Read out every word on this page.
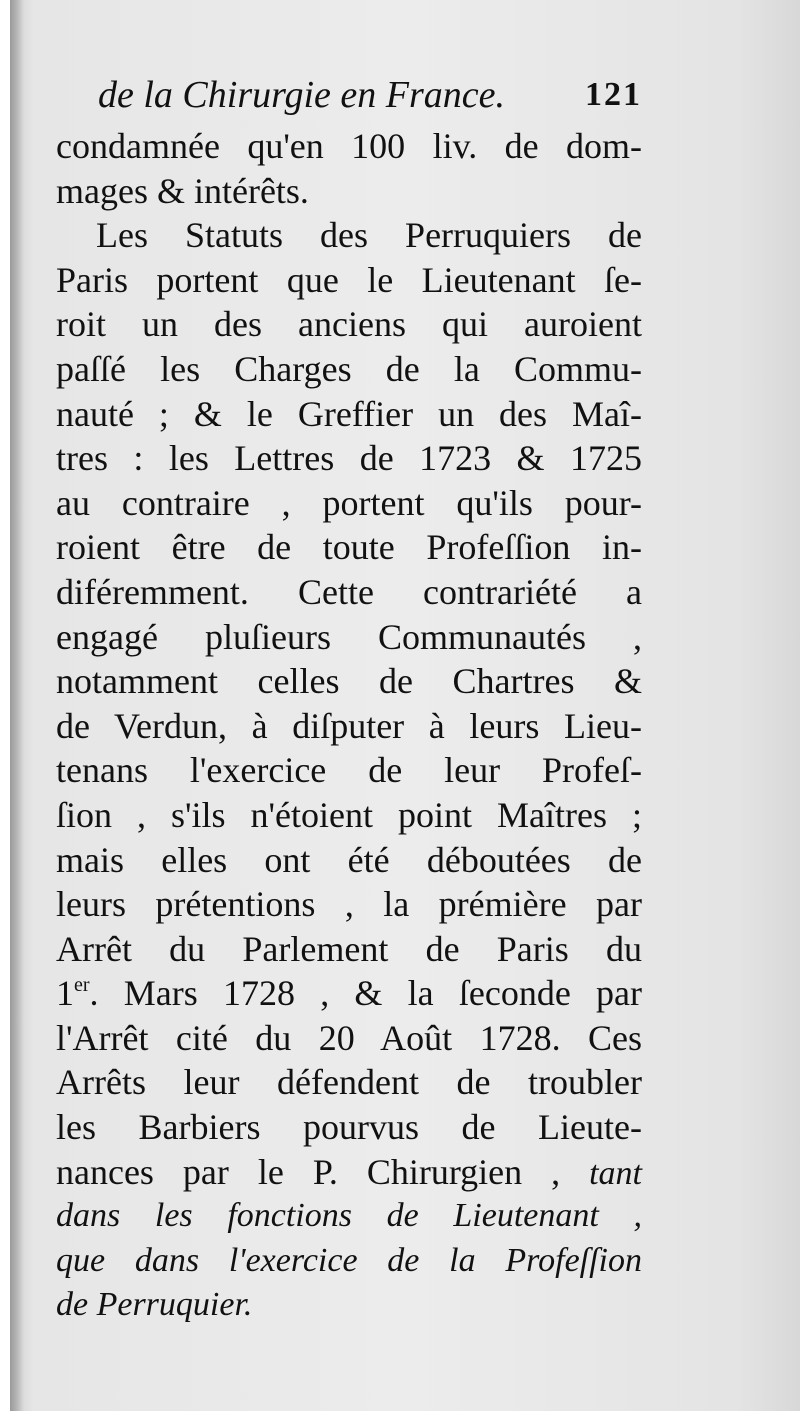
de la Chirurgie en France. 121
condamnée qu'en 100 liv. de dom-
mages & intérêts.
Les Statuts des Perruquiers de
Paris portent que le Lieutenant ſe-
roit un des anciens qui auroient
paſſé les Charges de la Commu-
nauté ; & le Greffier un des Maî-
tres : les Lettres de 1723 & 1725
au contraire , portent qu'ils pour-
roient être de toute Profeſſion in-
diféremment. Cette contrariété a
engagé pluſieurs Communautés ,
notamment celles de Chartres &
de Verdun, à diſputer à leurs Lieu-
tenans l'exercice de leur Profeſ-
ſion , s'ils n'étoient point Maîtres ;
mais elles ont été déboutées de
leurs prétentions , la prémière par
Arrêt du Parlement de Paris du
1er. Mars 1728 , & la ſeconde par
l'Arrêt cité du 20 Août 1728. Ces
Arrêts leur défendent de troubler
les Barbiers pourvus de Lieute-
nances par le P. Chirurgien , tant
dans les fonctions de Lieutenant ,
que dans l'exercice de la Profeſſion
de Perruquier.
